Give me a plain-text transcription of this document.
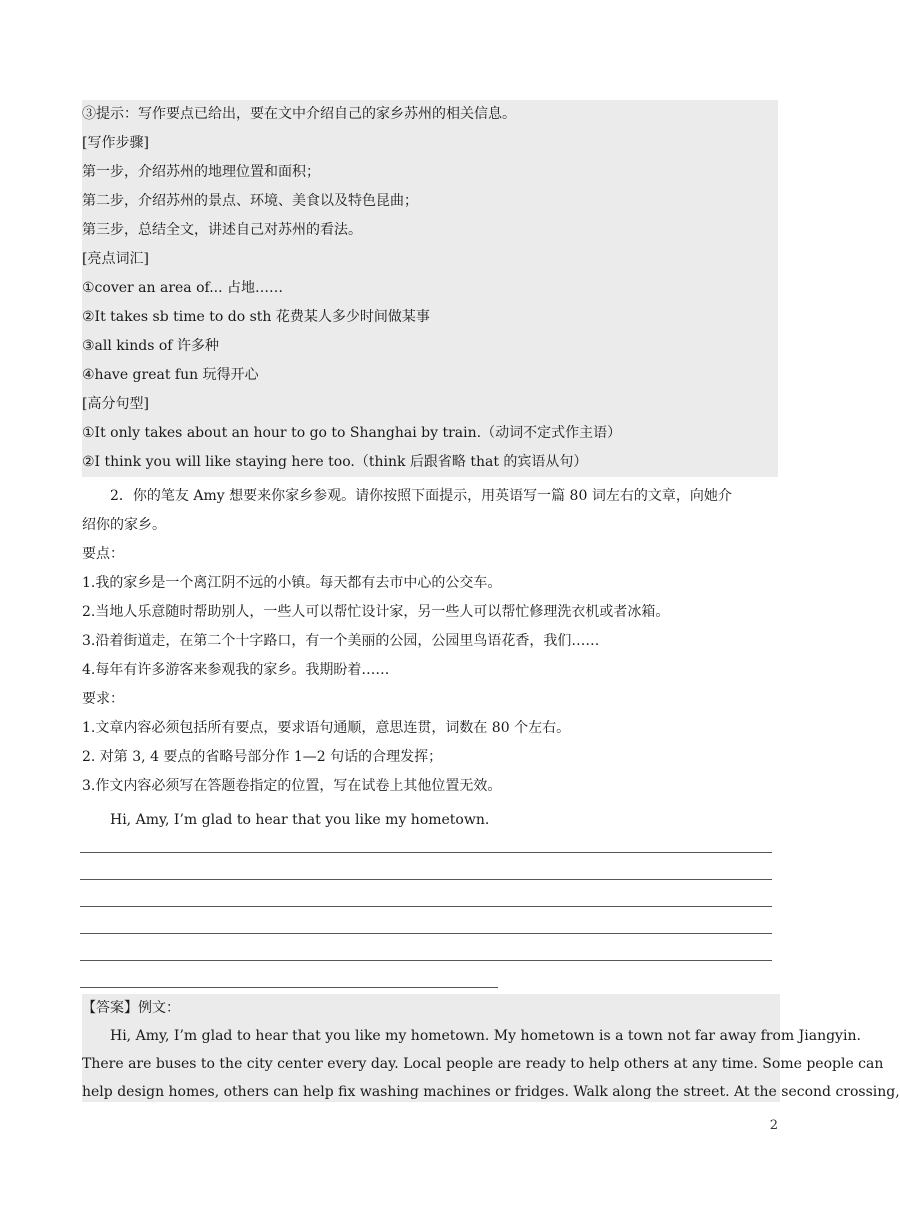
③提示：写作要点已给出，要在文中介绍自己的家乡苏州的相关信息。
[写作步骤]
第一步，介绍苏州的地理位置和面积；
第二步，介绍苏州的景点、环境、美食以及特色昆曲；
第三步，总结全文，讲述自己对苏州的看法。
[亮点词汇]
①cover an area of... 占地……
②It takes sb time to do sth 花费某人多少时间做某事
③all kinds of 许多种
④have great fun 玩得开心
[高分句型]
①It only takes about an hour to go to Shanghai by train.（动词不定式作主语）
②I think you will like staying here too.（think 后跟省略 that 的宾语从句）
2．你的笔友 Amy 想要来你家乡参观。请你按照下面提示，用英语写一篇 80 词左右的文章，向她介
绍你的家乡。
要点：
1.我的家乡是一个离江阴不远的小镇。每天都有去市中心的公交车。
2.当地人乐意随时帮助别人，一些人可以帮忙设计家，另一些人可以帮忙修理洗衣机或者冰箱。
3.沿着街道走，在第二个十字路口，有一个美丽的公园，公园里鸟语花香，我们……
4.每年有许多游客来参观我的家乡。我期盼着……
要求：
1.文章内容必须包括所有要点，要求语句通顺，意思连贯，词数在 80 个左右。
2. 对第 3, 4 要点的省略号部分作 1—2 句话的合理发挥；
3.作文内容必须写在答题卷指定的位置，写在试卷上其他位置无效。
Hi, Amy, I’m glad to hear that you like my hometown.
【答案】例文：
Hi, Amy, I’m glad to hear that you like my hometown. My hometown is a town not far away from Jiangyin.
There are buses to the city center every day. Local people are ready to help others at any time. Some people can
help design homes, others can help fix washing machines or fridges. Walk along the street. At the second crossing,
2
